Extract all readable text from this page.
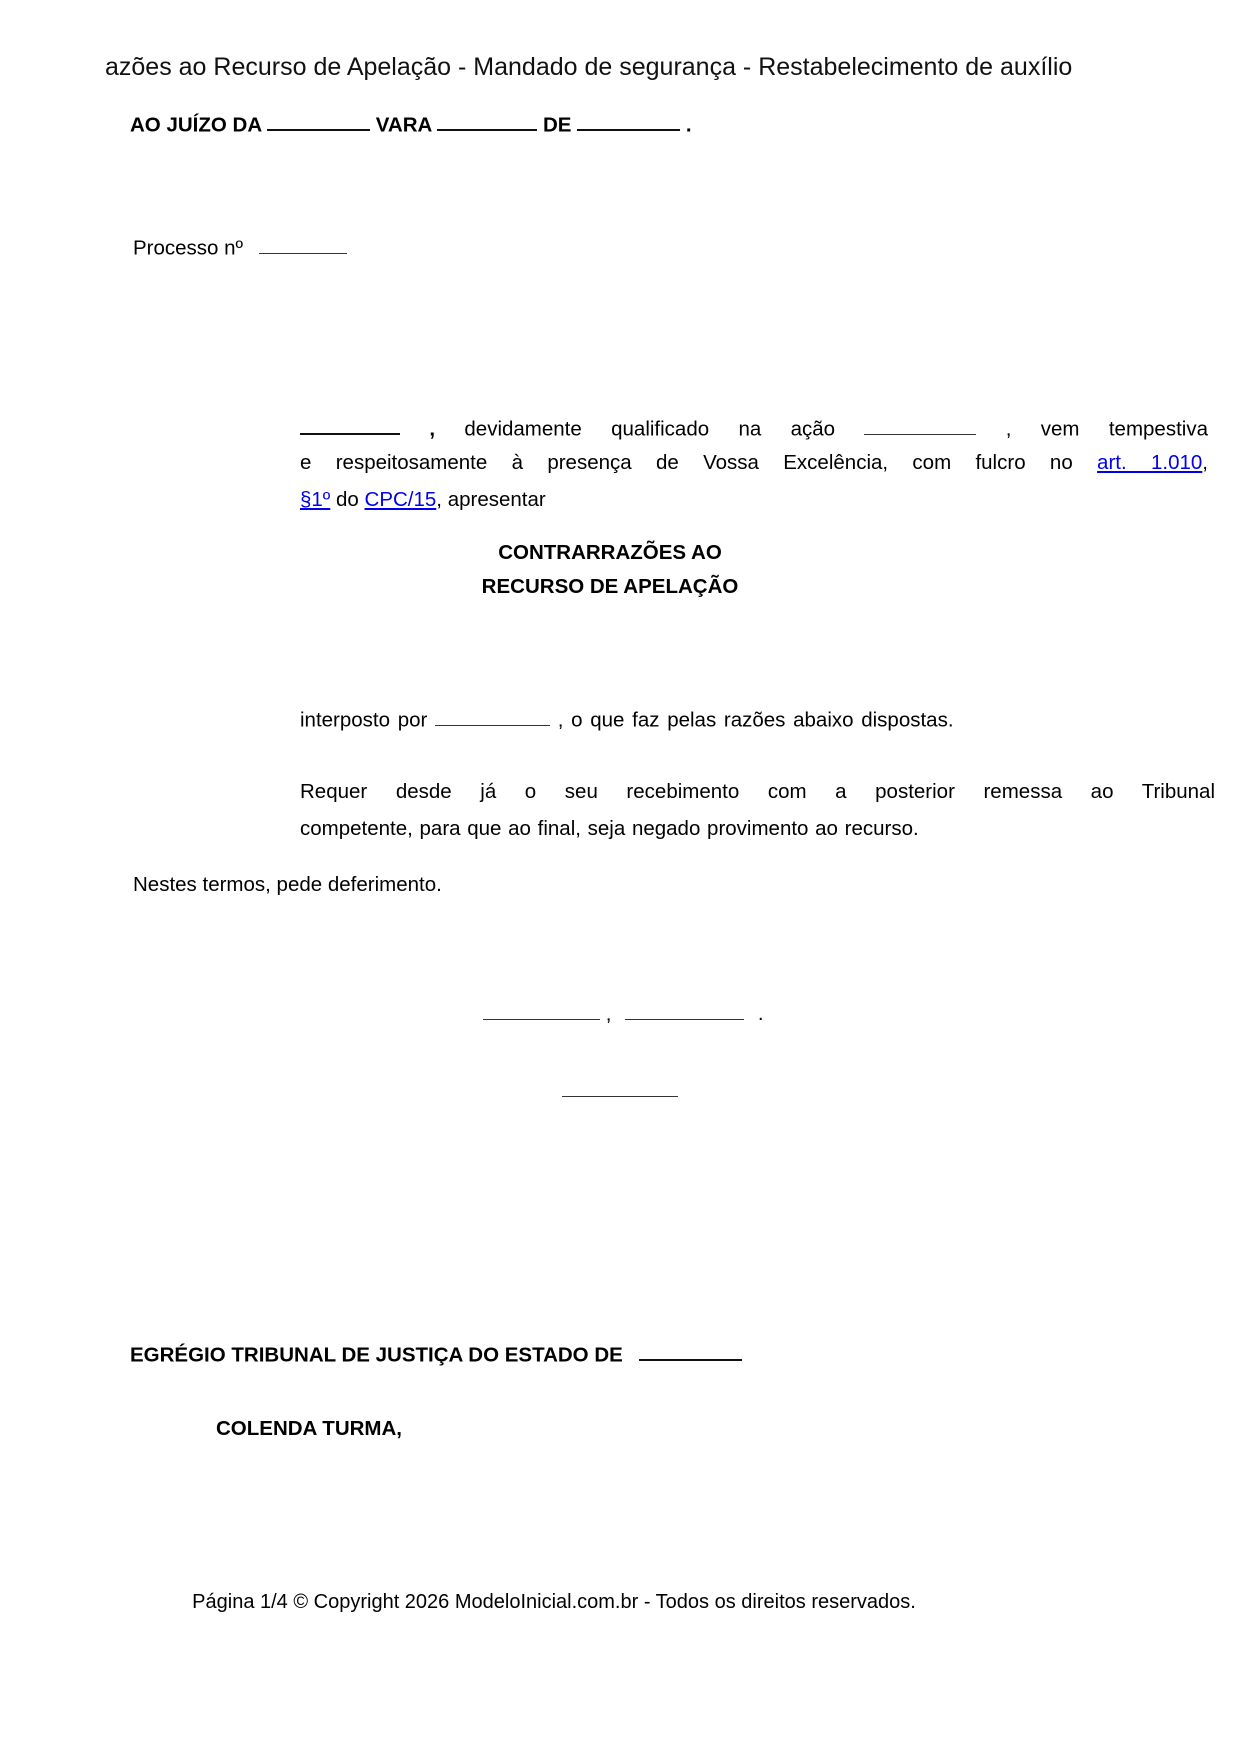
azões ao Recurso de Apelação - Mandado de segurança - Restabelecimento de auxílio
AO JUÍZO DA	VARA	DE	.
Processo nº
, devidamente qualificado na ação	, vem tempestiva
e respeitosamente à presença de Vossa Excelência, com fulcro no art. 1.010,
§1º do CPC/15, apresentar
CONTRARRAZÕES AO
RECURSO DE APELAÇÃO
interposto por	, o que faz pelas razões abaixo dispostas.
Requer desde já o seu recebimento com a posterior remessa ao Tribunal
competente, para que ao final, seja negado provimento ao recurso.
Nestes termos, pede deferimento.
,	.
EGRÉGIO TRIBUNAL DE JUSTIÇA DO ESTADO DE
COLENDA TURMA,
Página 1/4 © Copyright 2026 ModeloInicial.com.br - Todos os direitos reservados.
